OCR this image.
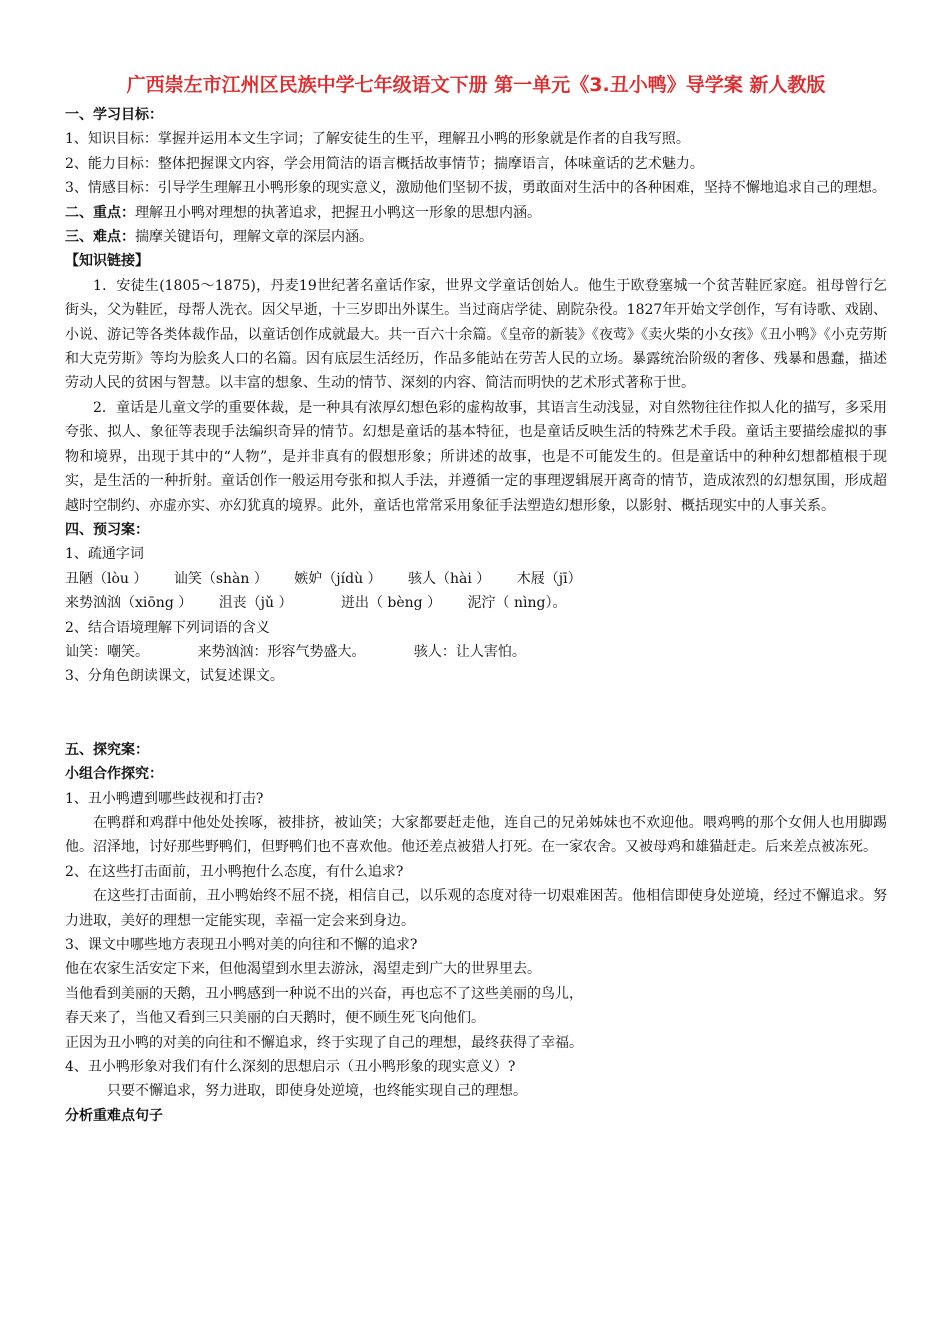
广西崇左市江州区民族中学七年级语文下册 第一单元《3.丑小鸭》导学案 新人教版

一、学习目标：

1、知识目标：掌握并运用本文生字词；了解安徒生的生平，理解丑小鸭的形象就是作者的自我写照。

2、能力目标：整体把握课文内容，学会用简洁的语言概括故事情节；揣摩语言，体味童话的艺术魅力。

3、情感目标：引导学生理解丑小鸭形象的现实意义，激励他们坚韧不拔，勇敢面对生活中的各种困难，坚持不懈地追求自己的理想。

二、重点：理解丑小鸭对理想的执著追求，把握丑小鸭这一形象的思想内涵。

三、难点：揣摩关键语句，理解文章的深层内涵。

【知识链接】

1．安徒生(1805～1875)，丹麦19世纪著名童话作家，世界文学童话创始人。他生于欧登塞城一个贫苦鞋匠家庭。祖母曾行乞街头，父为鞋匠，母帮人洗衣。因父早逝，十三岁即出外谋生。当过商店学徒、剧院杂役。1827年开始文学创作，写有诗歌、戏剧、小说、游记等各类体裁作品，以童话创作成就最大。共一百六十余篇。《皇帝的新装》《夜莺》《卖火柴的小女孩》《丑小鸭》《小克劳斯和大克劳斯》等均为脍炙人口的名篇。因有底层生活经历，作品多能站在劳苦人民的立场。暴露统治阶级的奢侈、残暴和愚蠢，描述劳动人民的贫困与智慧。以丰富的想象、生动的情节、深刻的内容、简洁而明快的艺术形式著称于世。

2．童话是儿童文学的重要体裁，是一种具有浓厚幻想色彩的虚构故事，其语言生动浅显，对自然物往往作拟人化的描写，多采用夸张、拟人、象征等表现手法编织奇异的情节。幻想是童话的基本特征，也是童话反映生活的特殊艺术手段。童话主要描绘虚拟的事物和境界，出现于其中的“人物”，是并非真有的假想形象；所讲述的故事，也是不可能发生的。但是童话中的种种幻想都植根于现实，是生活的一种折射。童话创作一般运用夸张和拟人手法，并遵循一定的事理逻辑展开离奇的情节，造成浓烈的幻想氛围，形成超越时空制约、亦虚亦实、亦幻犹真的境界。此外，童话也常常采用象征手法塑造幻想形象，以影射、概括现实中的人事关系。

四、预习案：

1、疏通字词

丑陋（lòu ） 讪笑（shàn ） 嫉妒（jídù ） 骇人（hài ） 木屐（jī）

来势汹汹（xiōng ） 沮丧（jǔ ）	迸出（ bèng ） 泥泞（ nìng）。

2、结合语境理解下列词语的含义

讪笑：嘲笑。	来势汹汹：形容气势盛大。	骇人：让人害怕。

3、分角色朗读课文，试复述课文。

五、探究案：

小组合作探究：

1、丑小鸭遭到哪些歧视和打击?

在鸭群和鸡群中他处处挨啄，被排挤，被讪笑；大家都要赶走他，连自己的兄弟姊妹也不欢迎他。喂鸡鸭的那个女佣人也用脚踢他。沼泽地，讨好那些野鸭们，但野鸭们也不喜欢他。他还差点被猎人打死。在一家农舍。又被母鸡和雄猫赶走。后来差点被冻死。

2、在这些打击面前，丑小鸭抱什么态度，有什么追求?

在这些打击面前，丑小鸭始终不屈不挠，相信自己，以乐观的态度对待一切艰难困苦。他相信即使身处逆境，经过不懈追求。努力进取，美好的理想一定能实现，幸福一定会来到身边。

3、课文中哪些地方表现丑小鸭对美的向往和不懈的追求?

他在农家生活安定下来，但他渴望到水里去游泳，渴望走到广大的世界里去。

当他看到美丽的天鹅，丑小鸭感到一种说不出的兴奋，再也忘不了这些美丽的鸟儿，

春天来了，当他又看到三只美丽的白天鹅时，便不顾生死飞向他们。

正因为丑小鸭的对美的向往和不懈追求，终于实现了自己的理想，最终获得了幸福。

4、丑小鸭形象对我们有什么深刻的思想启示（丑小鸭形象的现实意义）?

只要不懈追求，努力进取，即使身处逆境，也终能实现自己的理想。

分析重难点句子
